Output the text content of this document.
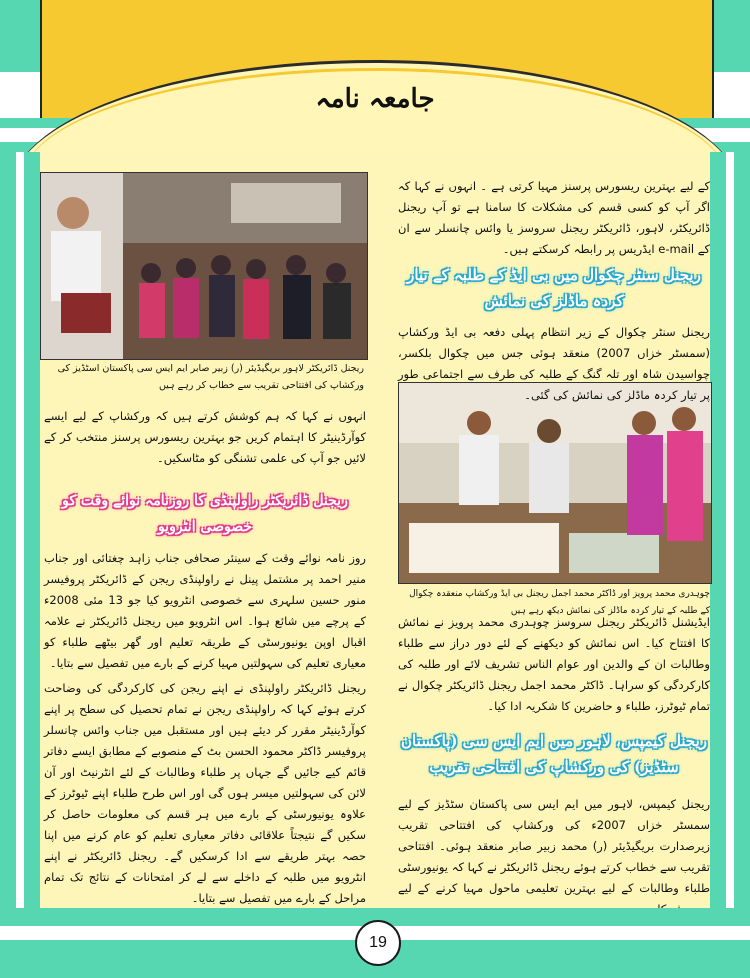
جامعہ نامہ

ریجنل ڈائریکٹر لاہور بریگیڈیئر (ر) زبیر صابر ایم ایس سی پاکستان اسٹڈیز کی ورکشاپ کی افتتاحی تقریب سے خطاب کر رہے ہیں

چوہدری محمد پرویز اور ڈاکٹر محمد اجمل ریجنل بی ایڈ ورکشاپ منعقدہ چکوال کے طلبہ کے تیار کردہ ماڈلز کی نمائش دیکھ رہے ہیں

کے لیے بہترین ریسورس پرسنز مہیا کرتی ہے ۔ انہوں نے کہا کہ اگر آپ کو کسی قسم کی مشکلات کا سامنا ہے تو آپ ریجنل ڈائریکٹر، لاہور، ڈائریکٹر ریجنل سروسز یا وائس چانسلر سے ان کے e-mail ایڈریس پر رابطہ کرسکتے ہیں۔

ریجنل سنٹر چکوال میں بی ایڈ کے طلبہ کے تیار کردہ ماڈلز کی نمائش

ریجنل سنٹر چکوال کے زیر انتظام پہلی دفعہ بی ایڈ ورکشاپ (سمسٹر خزاں 2007) منعقد ہوئی جس میں چکوال بلکسر، چواسیدن شاہ اور تلہ گنگ کے طلبہ کی طرف سے اجتماعی طور پر تیار کردہ ماڈلز کی نمائش کی گئی۔

ایڈیشنل ڈائریکٹر ریجنل سروسز چوہدری محمد پرویز نے نمائش کا افتتاح کیا۔ اس نمائش کو دیکھنے کے لئے دور دراز سے طلباء وطالبات ان کے والدین اور عوام الناس تشریف لائے اور طلبہ کی کارکردگی کو سراہا۔ ڈاکٹر محمد اجمل ریجنل ڈائریکٹر چکوال نے تمام ٹیوٹرز، طلباء و حاضرین کا شکریہ ادا کیا۔

ریجنل کیمپس، لاہور میں ایم ایس سی (پاکستان سٹڈیز) کی ورکشاپ کی افتتاحی تقریب

ریجنل کیمپس، لاہور میں ایم ایس سی پاکستان سٹڈیز کے لیے سمسٹر خزاں 2007ء کی ورکشاپ کی افتتاحی تقریب زیرصدارت بریگیڈیئر (ر) محمد زبیر صابر منعقد ہوئی۔ افتتاحی تقریب سے خطاب کرتے ہوئے ریجنل ڈائریکٹر نے کہا کہ یونیورسٹی طلباء وطالبات کے لیے بہترین تعلیمی ماحول مہیا کرنے کے لیے

انہوں نے کہا کہ ہم کوشش کرتے ہیں کہ ورکشاپ کے لیے ایسے کوآرڈینیٹر کا اہتمام کریں جو بہترین ریسورس پرسنز منتخب کر کے لائیں جو آپ کی علمی تشنگی کو مٹاسکیں۔

ریجنل ڈائریکٹر راولپنڈی کا روزنامہ نوائے وقت کو خصوصی انٹرویو

روز نامہ نوائے وقت کے سینئر صحافی جناب زاہد چغتائی اور جناب منیر احمد پر مشتمل پینل نے راولپنڈی ریجن کے ڈائریکٹر پروفیسر منور حسین سلہری سے خصوصی انٹرویو کیا جو 13 مئی 2008ء کے پرچے میں شائع ہوا۔ اس انٹرویو میں ریجنل ڈائریکٹر نے علامہ اقبال اوپن یونیورسٹی کے طریقہ تعلیم اور گھر بیٹھے طلباء کو معیاری تعلیم کی سہولتیں مہیا کرنے کے بارے میں تفصیل سے بتایا۔

ریجنل ڈائریکٹر راولپنڈی نے اپنے ریجن کی کارکردگی کی وضاحت کرتے ہوئے کہا کہ راولپنڈی ریجن نے تمام تحصیل کی سطح پر اپنے کوآرڈینیٹر مقرر کر دیئے ہیں اور مستقبل میں جناب وائس چانسلر پروفیسر ڈاکٹر محمود الحسن بٹ کے منصوبے کے مطابق ایسے دفاتر قائم کیے جائیں گے جہاں پر طلباء وطالبات کے لئے انٹرنیٹ اور آن لائن کی سہولتیں میسر ہوں گی اور اس طرح طلباء اپنے ٹیوٹرز کے علاوہ یونیورسٹی کے بارے میں ہر قسم کی معلومات حاصل کر سکیں گے نتیجتاً علاقائی دفاتر معیاری تعلیم کو عام کرنے میں اپنا حصہ بہتر طریقے سے ادا کرسکیں گے۔ ریجنل ڈائریکٹر نے اپنے انٹرویو میں طلبہ کے داخلے سے لے کر امتحانات کے نتائج تک تمام مراحل کے بارے میں تفصیل سے بتایا۔

19
